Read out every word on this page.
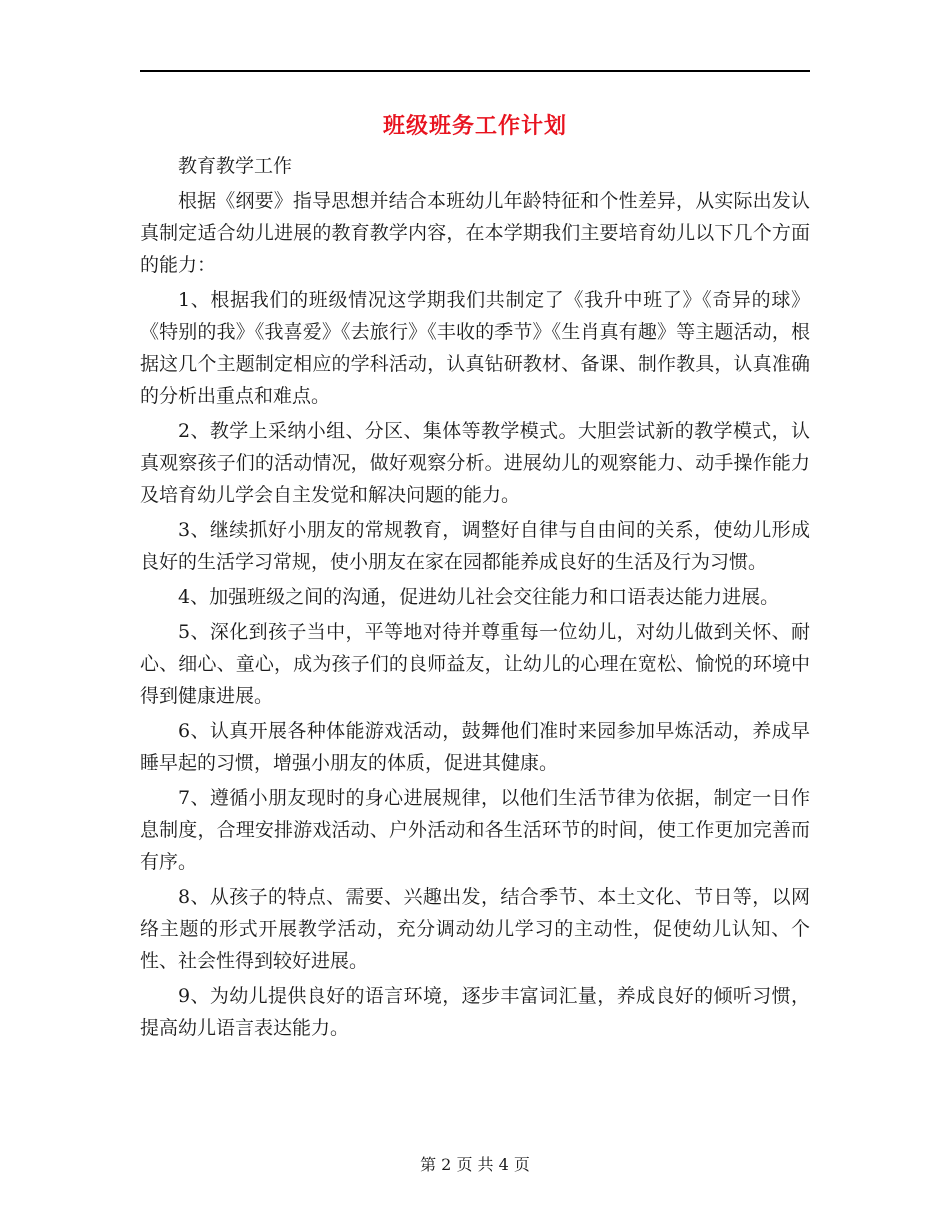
班级班务工作计划

教育教学工作

根据《纲要》指导思想并结合本班幼儿年龄特征和个性差异，从实际出发认真制定适合幼儿进展的教育教学内容，在本学期我们主要培育幼儿以下几个方面的能力：

1、根据我们的班级情况这学期我们共制定了《我升中班了》《奇异的球》《特别的我》《我喜爱》《去旅行》《丰收的季节》《生肖真有趣》等主题活动，根据这几个主题制定相应的学科活动，认真钻研教材、备课、制作教具，认真准确的分析出重点和难点。

2、教学上采纳小组、分区、集体等教学模式。大胆尝试新的教学模式，认真观察孩子们的活动情况，做好观察分析。进展幼儿的观察能力、动手操作能力及培育幼儿学会自主发觉和解决问题的能力。

3、继续抓好小朋友的常规教育，调整好自律与自由间的关系，使幼儿形成良好的生活学习常规，使小朋友在家在园都能养成良好的生活及行为习惯。

4、加强班级之间的沟通，促进幼儿社会交往能力和口语表达能力进展。

5、深化到孩子当中，平等地对待并尊重每一位幼儿，对幼儿做到关怀、耐心、细心、童心，成为孩子们的良师益友，让幼儿的心理在宽松、愉悦的环境中得到健康进展。

6、认真开展各种体能游戏活动，鼓舞他们准时来园参加早炼活动，养成早睡早起的习惯，增强小朋友的体质，促进其健康。

7、遵循小朋友现时的身心进展规律，以他们生活节律为依据，制定一日作息制度，合理安排游戏活动、户外活动和各生活环节的时间，使工作更加完善而有序。

8、从孩子的特点、需要、兴趣出发，结合季节、本土文化、节日等，以网络主题的形式开展教学活动，充分调动幼儿学习的主动性，促使幼儿认知、个性、社会性得到较好进展。

9、为幼儿提供良好的语言环境，逐步丰富词汇量，养成良好的倾听习惯，提高幼儿语言表达能力。

第 2 页 共 4 页
